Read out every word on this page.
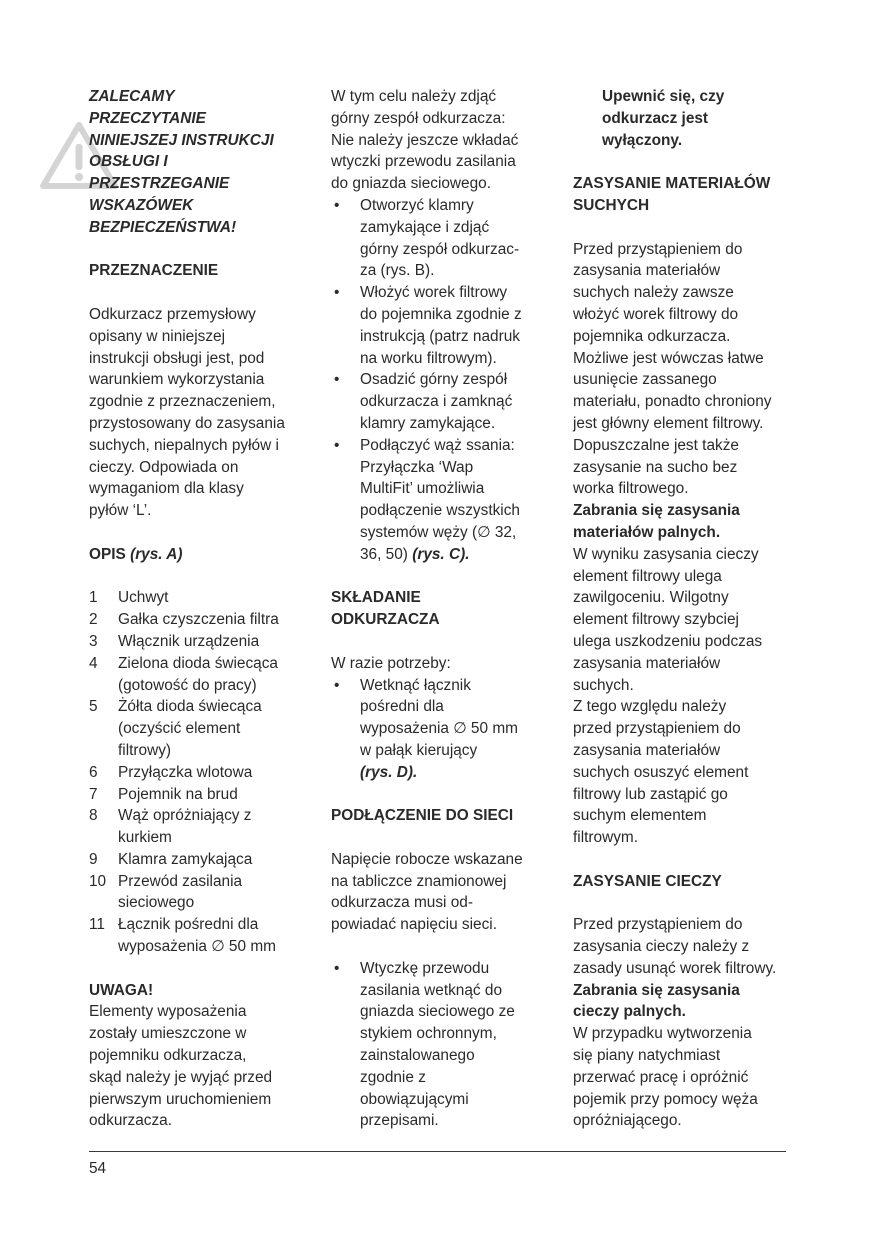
ZALECAMY
PRZECZYTANIE
NINIEJSZEJ INSTRUKCJI
OBSŁUGI I
PRZESTRZEGANIE
WSKAZÓWEK
BEZPIECZEŃSTWA!

PRZEZNACZENIE

Odkurzacz przemysłowy
opisany w niniejszej
instrukcji obsługi jest, pod
warunkiem wykorzystania
zgodnie z przeznaczeniem,
przystosowany do zasysania
suchych, niepalnych pyłów i
cieczy. Odpowiada on
wymaganiom dla klasy
pyłów ‘L’.

OPIS (rys. A)

1	Uchwyt
2	Gałka czyszczenia filtra
3	Włącznik urządzenia
4	Zielona dioda świecąca
(gotowość do pracy)
5	Żółta dioda świecąca
(oczyścić element
filtrowy)
6	Przyłączka wlotowa
7	Pojemnik na brud
8	Wąż opróżniający z
kurkiem
9	Klamra zamykająca
10 Przewód zasilania
sieciowego
11 Łącznik pośredni dla
wyposażenia ∅ 50 mm

UWAGA!

Elementy wyposażenia
zostały umieszczone w
pojemniku odkurzacza,
skąd należy je wyjąć przed
pierwszym uruchomieniem
odkurzacza.
W tym celu należy zdjąć
górny zespół odkurzacza:
Nie należy jeszcze wkładać
wtyczki przewodu zasilania
do gniazda sieciowego.
•	Otworzyć klamry
zamykające i zdjąć
górny zespół odkurzac-
za (rys. B).
•	Włożyć worek filtrowy
do pojemnika zgodnie z
instrukcją (patrz nadruk
na worku filtrowym).
•	Osadzić górny zespół
odkurzacza i zamknąć
klamry zamykające.
•	Podłączyć wąż ssania:
Przyłączka ‘Wap
MultiFit’ umożliwia
podłączenie wszystkich
systemów węży (∅ 32,
36, 50) (rys. C).
SKŁADANIE
ODKURZACZA

W razie potrzeby:

•	Wetknąć łącznik
pośredni dla
wyposażenia ∅ 50 mm
w pałąk kierujący
(rys. D).

PODŁĄCZENIE DO SIECI

Napięcie robocze wskazane
na tabliczce znamionowej
odkurzacza musi od-
powiadać napięciu sieci.
•	Wtyczkę przewodu
zasilania wetknąć do
gniazda sieciowego ze
stykiem ochronnym,
zainstalowanego
zgodnie z
obowiązującymi
przepisami.
Upewnić się, czy
odkurzacz jest
wyłączony.
ZASYSANIE MATERIAŁÓW
SUCHYCH
Przed przystąpieniem do
zasysania materiałów
suchych należy zawsze
włożyć worek filtrowy do
pojemnika odkurzacza.
Możliwe jest wówczas łatwe
usunięcie zassanego
materiału, ponadto chroniony
jest główny element filtrowy.
Dopuszczalne jest także
zasysanie na sucho bez
worka filtrowego.
Zabrania się zasysania
materiałów palnych.
W wyniku zasysania cieczy
element filtrowy ulega
zawilgoceniu. Wilgotny
element filtrowy szybciej
ulega uszkodzeniu podczas
zasysania materiałów
suchych.
Z tego względu należy
przed przystąpieniem do
zasysania materiałów
suchych osuszyć element
filtrowy lub zastąpić go
suchym elementem
filtrowym.

ZASYSANIE CIECZY

Przed przystąpieniem do
zasysania cieczy należy z
zasady usunąć worek filtrowy.
Zabrania się zasysania
cieczy palnych.
W przypadku wytworzenia
się piany natychmiast
przerwać pracę i opróżnić
pojemik przy pomocy węża
opróżniającego.
54
